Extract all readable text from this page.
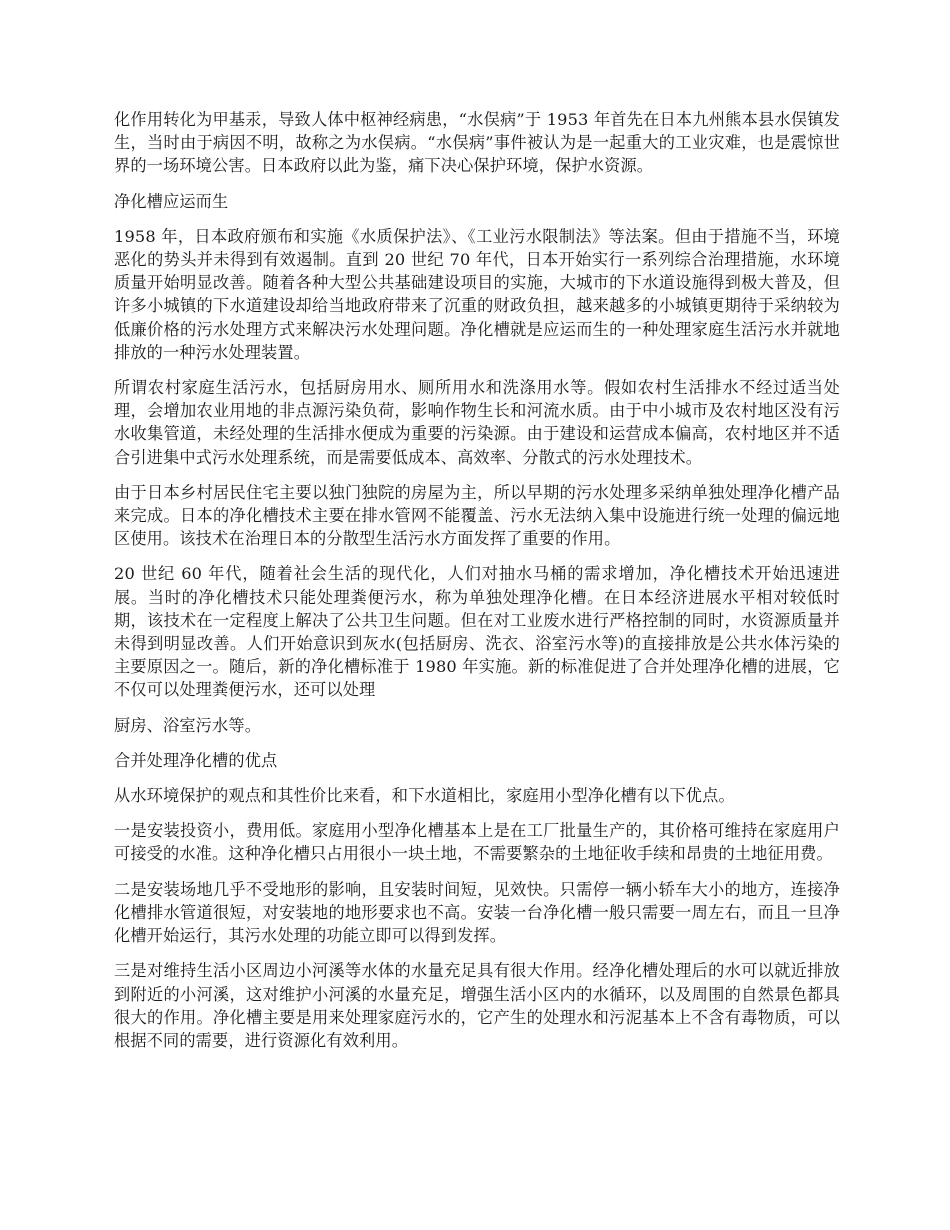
化作用转化为甲基汞，导致人体中枢神经病患，“水俣病”于 1953 年首先在日本九州熊本县水俣镇发生，当时由于病因不明，故称之为水俣病。“水俣病”事件被认为是一起重大的工业灾难，也是震惊世界的一场环境公害。日本政府以此为鉴，痛下决心保护环境，保护水资源。

净化槽应运而生

1958 年，日本政府颁布和实施《水质保护法》、《工业污水限制法》等法案。但由于措施不当，环境恶化的势头并未得到有效遏制。直到 20 世纪 70 年代，日本开始实行一系列综合治理措施，水环境质量开始明显改善。随着各种大型公共基础建设项目的实施，大城市的下水道设施得到极大普及，但许多小城镇的下水道建设却给当地政府带来了沉重的财政负担，越来越多的小城镇更期待于采纳较为低廉价格的污水处理方式来解决污水处理问题。净化槽就是应运而生的一种处理家庭生活污水并就地排放的一种污水处理装置。

所谓农村家庭生活污水，包括厨房用水、厕所用水和洗涤用水等。假如农村生活排水不经过适当处理，会增加农业用地的非点源污染负荷，影响作物生长和河流水质。由于中小城市及农村地区没有污水收集管道，未经处理的生活排水便成为重要的污染源。由于建设和运营成本偏高，农村地区并不适合引进集中式污水处理系统，而是需要低成本、高效率、分散式的污水处理技术。

由于日本乡村居民住宅主要以独门独院的房屋为主，所以早期的污水处理多采纳单独处理净化槽产品来完成。日本的净化槽技术主要在排水管网不能覆盖、污水无法纳入集中设施进行统一处理的偏远地区使用。该技术在治理日本的分散型生活污水方面发挥了重要的作用。

20 世纪 60 年代，随着社会生活的现代化，人们对抽水马桶的需求增加，净化槽技术开始迅速进展。当时的净化槽技术只能处理粪便污水，称为单独处理净化槽。在日本经济进展水平相对较低时期，该技术在一定程度上解决了公共卫生问题。但在对工业废水进行严格控制的同时，水资源质量并未得到明显改善。人们开始意识到灰水(包括厨房、洗衣、浴室污水等)的直接排放是公共水体污染的主要原因之一。随后，新的净化槽标准于 1980 年实施。新的标准促进了合并处理净化槽的进展，它不仅可以处理粪便污水，还可以处理

厨房、浴室污水等。

合并处理净化槽的优点

从水环境保护的观点和其性价比来看，和下水道相比，家庭用小型净化槽有以下优点。

一是安装投资小，费用低。家庭用小型净化槽基本上是在工厂批量生产的，其价格可维持在家庭用户可接受的水准。这种净化槽只占用很小一块土地，不需要繁杂的土地征收手续和昂贵的土地征用费。

二是安装场地几乎不受地形的影响，且安装时间短，见效快。只需停一辆小轿车大小的地方，连接净化槽排水管道很短，对安装地的地形要求也不高。安装一台净化槽一般只需要一周左右，而且一旦净化槽开始运行，其污水处理的功能立即可以得到发挥。

三是对维持生活小区周边小河溪等水体的水量充足具有很大作用。经净化槽处理后的水可以就近排放到附近的小河溪，这对维护小河溪的水量充足，增强生活小区内的水循环，以及周围的自然景色都具很大的作用。净化槽主要是用来处理家庭污水的，它产生的处理水和污泥基本上不含有毒物质，可以根据不同的需要，进行资源化有效利用。
